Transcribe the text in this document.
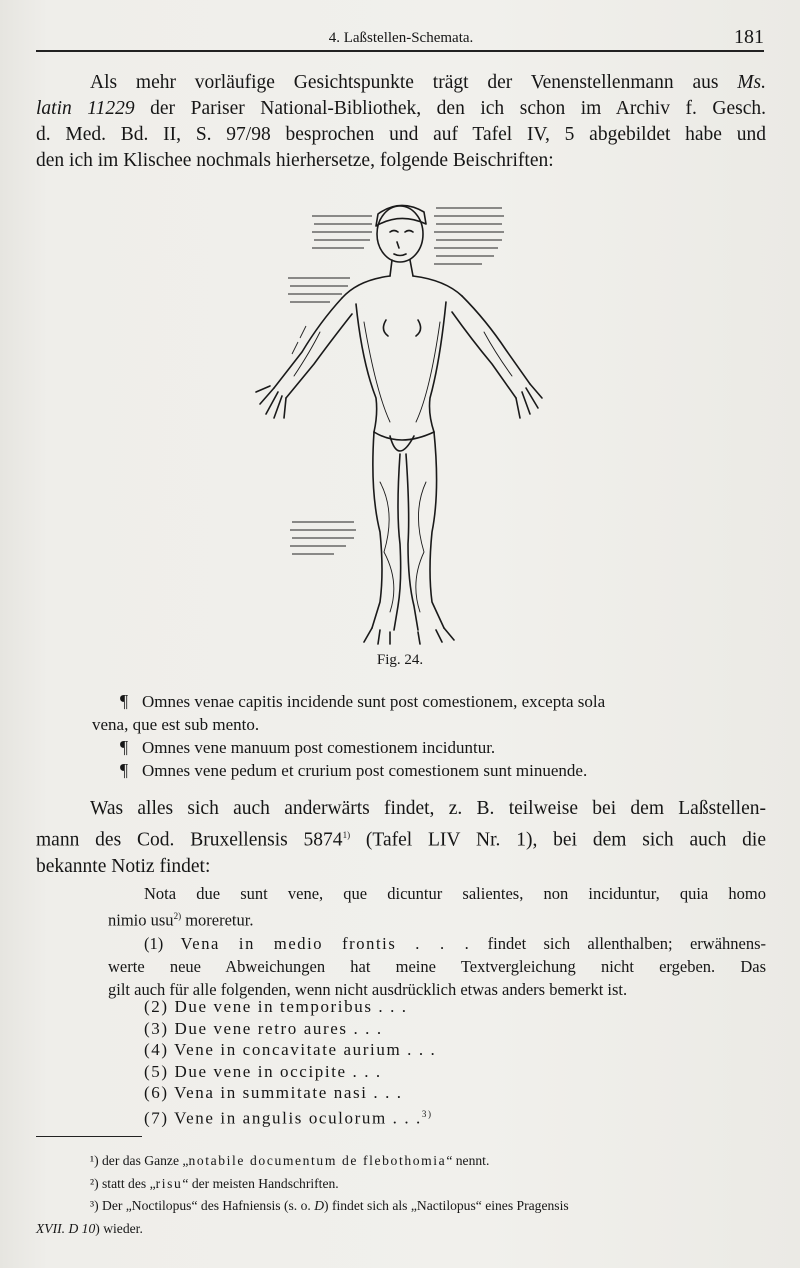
4. Laßstellen-Schemata.	181
Als mehr vorläufige Gesichtspunkte trägt der Venenstellenmann aus Ms.
latin 11229 der Pariser National-Bibliothek, den ich schon im Archiv f. Gesch.
d. Med. Bd. II, S. 97/98 besprochen und auf Tafel IV, 5 abgebildet habe und
den ich im Klischee nochmals hierhersetze, folgende Beischriften:
Fig. 24.
¶ Omnes venae capitis incidende sunt post comestionem, excepta sola
vena, que est sub mento.
¶ Omnes vene manuum post comestionem inciduntur.
¶ Omnes vene pedum et crurium post comestionem sunt minuende.
Was alles sich auch anderwärts findet, z. B. teilweise bei dem Laßstellen-
mann des Cod. Bruxellensis 5874$^{1)}$ (Tafel LIV Nr. 1), bei dem sich auch die
bekannte Notiz findet:
Nota due sunt vene, que dicuntur salientes, non inciduntur, quia homo
nimio usu$^{2)}$ moreretur.
(1) Vena in medio frontis . . . findet sich allenthalben; erwähnens-
werte neue Abweichungen hat meine Textvergleichung nicht ergeben. Das
gilt auch für alle folgenden, wenn nicht ausdrücklich etwas anders bemerkt ist.
(2) Due vene in temporibus . . .
(3) Due vene retro aures . . .
(4) Vene in concavitate aurium . . .
(5) Due vene in occipite . . .
(6) Vena in summitate nasi . . .
(7) Vene in angulis oculorum . . .$^{3)}$
¹) der das Ganze „notabile documentum de flebothomia“ nennt.
²) statt des „risu“ der meisten Handschriften.
³) Der „Noctilopus“ des Hafniensis (s. o. D) findet sich als „Nactilopus“ eines Pragensis
XVII. D 10) wieder.
